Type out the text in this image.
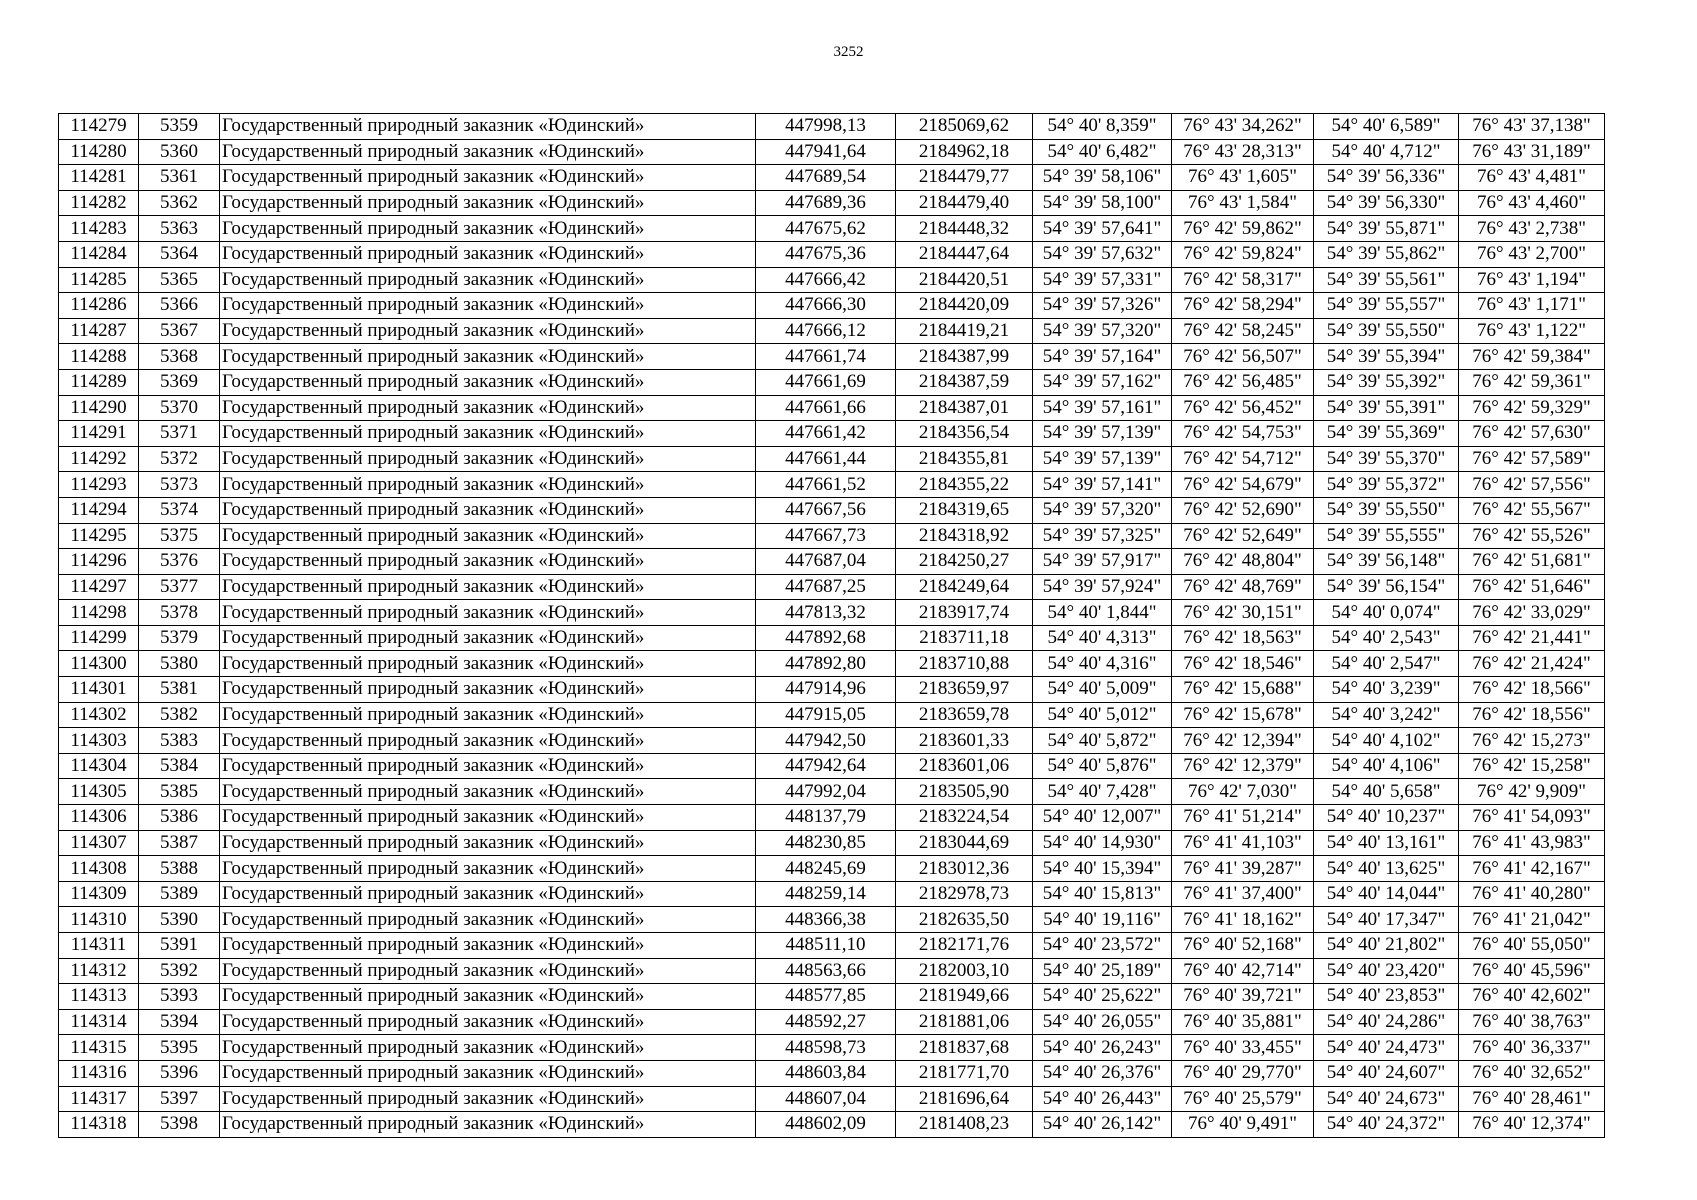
3252
114279	5359	Государственный природный заказник «Юдинский»	447998,13	2185069,62	54° 40' 8,359"	76° 43' 34,262"	54° 40' 6,589"	76° 43' 37,138"
114280	5360	Государственный природный заказник «Юдинский»	447941,64	2184962,18	54° 40' 6,482"	76° 43' 28,313"	54° 40' 4,712"	76° 43' 31,189"
114281	5361	Государственный природный заказник «Юдинский»	447689,54	2184479,77	54° 39' 58,106"	76° 43' 1,605"	54° 39' 56,336"	76° 43' 4,481"
114282	5362	Государственный природный заказник «Юдинский»	447689,36	2184479,40	54° 39' 58,100"	76° 43' 1,584"	54° 39' 56,330"	76° 43' 4,460"
114283	5363	Государственный природный заказник «Юдинский»	447675,62	2184448,32	54° 39' 57,641"	76° 42' 59,862"	54° 39' 55,871"	76° 43' 2,738"
114284	5364	Государственный природный заказник «Юдинский»	447675,36	2184447,64	54° 39' 57,632"	76° 42' 59,824"	54° 39' 55,862"	76° 43' 2,700"
114285	5365	Государственный природный заказник «Юдинский»	447666,42	2184420,51	54° 39' 57,331"	76° 42' 58,317"	54° 39' 55,561"	76° 43' 1,194"
114286	5366	Государственный природный заказник «Юдинский»	447666,30	2184420,09	54° 39' 57,326"	76° 42' 58,294"	54° 39' 55,557"	76° 43' 1,171"
114287	5367	Государственный природный заказник «Юдинский»	447666,12	2184419,21	54° 39' 57,320"	76° 42' 58,245"	54° 39' 55,550"	76° 43' 1,122"
114288	5368	Государственный природный заказник «Юдинский»	447661,74	2184387,99	54° 39' 57,164"	76° 42' 56,507"	54° 39' 55,394"	76° 42' 59,384"
114289	5369	Государственный природный заказник «Юдинский»	447661,69	2184387,59	54° 39' 57,162"	76° 42' 56,485"	54° 39' 55,392"	76° 42' 59,361"
114290	5370	Государственный природный заказник «Юдинский»	447661,66	2184387,01	54° 39' 57,161"	76° 42' 56,452"	54° 39' 55,391"	76° 42' 59,329"
114291	5371	Государственный природный заказник «Юдинский»	447661,42	2184356,54	54° 39' 57,139"	76° 42' 54,753"	54° 39' 55,369"	76° 42' 57,630"
114292	5372	Государственный природный заказник «Юдинский»	447661,44	2184355,81	54° 39' 57,139"	76° 42' 54,712"	54° 39' 55,370"	76° 42' 57,589"
114293	5373	Государственный природный заказник «Юдинский»	447661,52	2184355,22	54° 39' 57,141"	76° 42' 54,679"	54° 39' 55,372"	76° 42' 57,556"
114294	5374	Государственный природный заказник «Юдинский»	447667,56	2184319,65	54° 39' 57,320"	76° 42' 52,690"	54° 39' 55,550"	76° 42' 55,567"
114295	5375	Государственный природный заказник «Юдинский»	447667,73	2184318,92	54° 39' 57,325"	76° 42' 52,649"	54° 39' 55,555"	76° 42' 55,526"
114296	5376	Государственный природный заказник «Юдинский»	447687,04	2184250,27	54° 39' 57,917"	76° 42' 48,804"	54° 39' 56,148"	76° 42' 51,681"
114297	5377	Государственный природный заказник «Юдинский»	447687,25	2184249,64	54° 39' 57,924"	76° 42' 48,769"	54° 39' 56,154"	76° 42' 51,646"
114298	5378	Государственный природный заказник «Юдинский»	447813,32	2183917,74	54° 40' 1,844"	76° 42' 30,151"	54° 40' 0,074"	76° 42' 33,029"
114299	5379	Государственный природный заказник «Юдинский»	447892,68	2183711,18	54° 40' 4,313"	76° 42' 18,563"	54° 40' 2,543"	76° 42' 21,441"
114300	5380	Государственный природный заказник «Юдинский»	447892,80	2183710,88	54° 40' 4,316"	76° 42' 18,546"	54° 40' 2,547"	76° 42' 21,424"
114301	5381	Государственный природный заказник «Юдинский»	447914,96	2183659,97	54° 40' 5,009"	76° 42' 15,688"	54° 40' 3,239"	76° 42' 18,566"
114302	5382	Государственный природный заказник «Юдинский»	447915,05	2183659,78	54° 40' 5,012"	76° 42' 15,678"	54° 40' 3,242"	76° 42' 18,556"
114303	5383	Государственный природный заказник «Юдинский»	447942,50	2183601,33	54° 40' 5,872"	76° 42' 12,394"	54° 40' 4,102"	76° 42' 15,273"
114304	5384	Государственный природный заказник «Юдинский»	447942,64	2183601,06	54° 40' 5,876"	76° 42' 12,379"	54° 40' 4,106"	76° 42' 15,258"
114305	5385	Государственный природный заказник «Юдинский»	447992,04	2183505,90	54° 40' 7,428"	76° 42' 7,030"	54° 40' 5,658"	76° 42' 9,909"
114306	5386	Государственный природный заказник «Юдинский»	448137,79	2183224,54	54° 40' 12,007"	76° 41' 51,214"	54° 40' 10,237"	76° 41' 54,093"
114307	5387	Государственный природный заказник «Юдинский»	448230,85	2183044,69	54° 40' 14,930"	76° 41' 41,103"	54° 40' 13,161"	76° 41' 43,983"
114308	5388	Государственный природный заказник «Юдинский»	448245,69	2183012,36	54° 40' 15,394"	76° 41' 39,287"	54° 40' 13,625"	76° 41' 42,167"
114309	5389	Государственный природный заказник «Юдинский»	448259,14	2182978,73	54° 40' 15,813"	76° 41' 37,400"	54° 40' 14,044"	76° 41' 40,280"
114310	5390	Государственный природный заказник «Юдинский»	448366,38	2182635,50	54° 40' 19,116"	76° 41' 18,162"	54° 40' 17,347"	76° 41' 21,042"
114311	5391	Государственный природный заказник «Юдинский»	448511,10	2182171,76	54° 40' 23,572"	76° 40' 52,168"	54° 40' 21,802"	76° 40' 55,050"
114312	5392	Государственный природный заказник «Юдинский»	448563,66	2182003,10	54° 40' 25,189"	76° 40' 42,714"	54° 40' 23,420"	76° 40' 45,596"
114313	5393	Государственный природный заказник «Юдинский»	448577,85	2181949,66	54° 40' 25,622"	76° 40' 39,721"	54° 40' 23,853"	76° 40' 42,602"
114314	5394	Государственный природный заказник «Юдинский»	448592,27	2181881,06	54° 40' 26,055"	76° 40' 35,881"	54° 40' 24,286"	76° 40' 38,763"
114315	5395	Государственный природный заказник «Юдинский»	448598,73	2181837,68	54° 40' 26,243"	76° 40' 33,455"	54° 40' 24,473"	76° 40' 36,337"
114316	5396	Государственный природный заказник «Юдинский»	448603,84	2181771,70	54° 40' 26,376"	76° 40' 29,770"	54° 40' 24,607"	76° 40' 32,652"
114317	5397	Государственный природный заказник «Юдинский»	448607,04	2181696,64	54° 40' 26,443"	76° 40' 25,579"	54° 40' 24,673"	76° 40' 28,461"
114318	5398	Государственный природный заказник «Юдинский»	448602,09	2181408,23	54° 40' 26,142"	76° 40' 9,491"	54° 40' 24,372"	76° 40' 12,374"
